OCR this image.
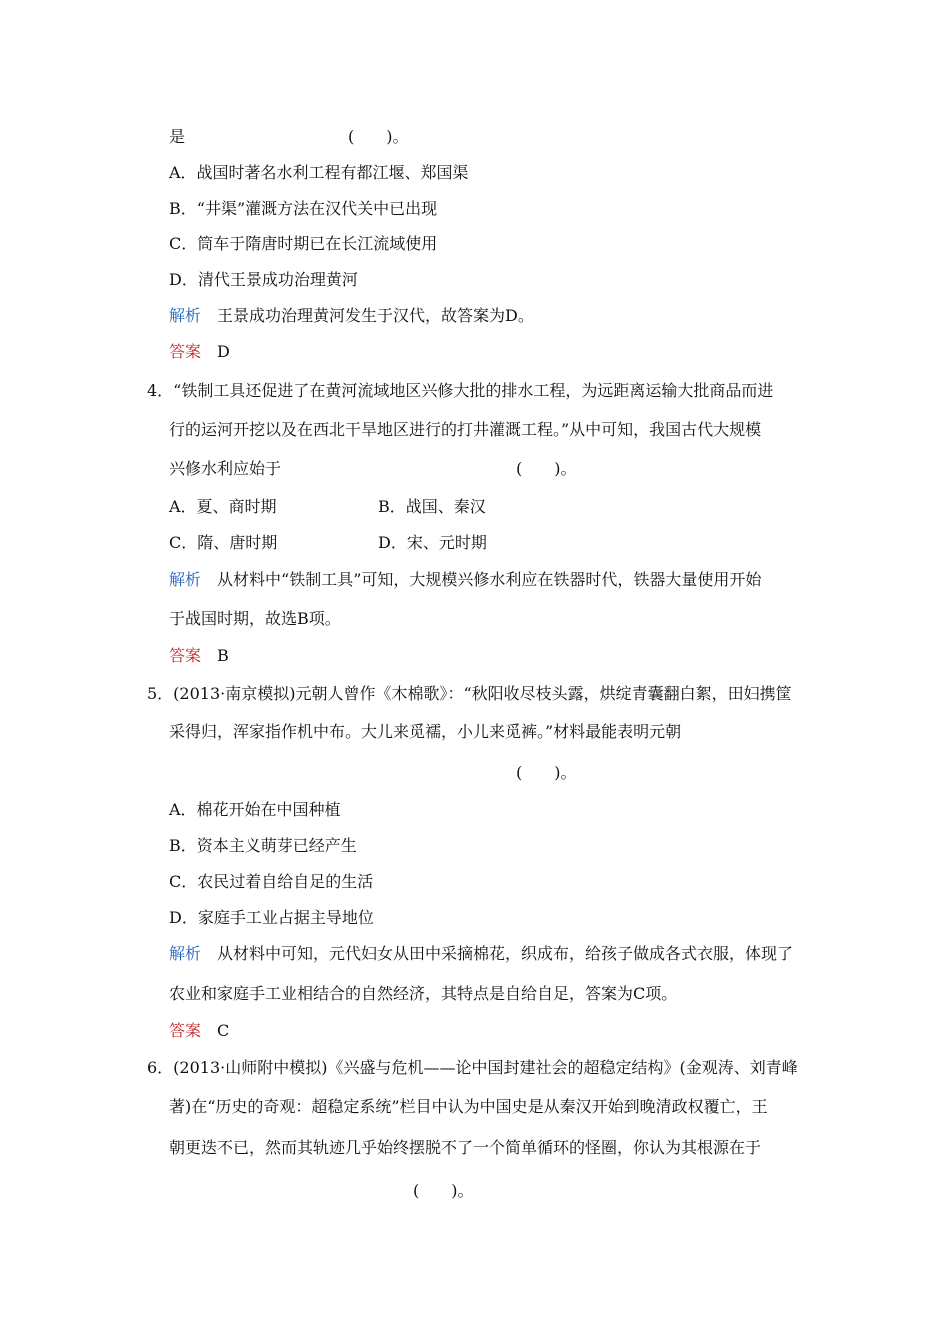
是	(　　)。
A．战国时著名水利工程有都江堰、郑国渠
B．“井渠”灌溉方法在汉代关中已出现
C．筒车于隋唐时期已在长江流域使用
D．清代王景成功治理黄河
解析 王景成功治理黄河发生于汉代，故答案为D。
答案 D
4．“铁制工具还促进了在黄河流域地区兴修大批的排水工程，为远距离运输大批商品而进
行的运河开挖以及在西北干旱地区进行的打井灌溉工程。”从中可知，我国古代大规模
兴修水利应始于	(　　)。
A．夏、商时期	B．战国、秦汉
C．隋、唐时期	D．宋、元时期
解析 从材料中“铁制工具”可知，大规模兴修水利应在铁器时代，铁器大量使用开始
于战国时期，故选B项。
答案 B
5．(2013·南京模拟)元朝人曾作《木棉歌》：“秋阳收尽枝头露，烘绽青囊翻白絮，田妇携筐
采得归，浑家指作机中布。大儿来觅襦，小儿来觅裤。”材料最能表明元朝
(　　)。
A．棉花开始在中国种植
B．资本主义萌芽已经产生
C．农民过着自给自足的生活
D．家庭手工业占据主导地位
解析 从材料中可知，元代妇女从田中采摘棉花，织成布，给孩子做成各式衣服，体现了
农业和家庭手工业相结合的自然经济，其特点是自给自足，答案为C项。
答案 C
6．(2013·山师附中模拟)《兴盛与危机——论中国封建社会的超稳定结构》(金观涛、刘青峰
著)在“历史的奇观：超稳定系统”栏目中认为中国史是从秦汉开始到晚清政权覆亡，王
朝更迭不已，然而其轨迹几乎始终摆脱不了一个简单循环的怪圈，你认为其根源在于
(　　)。
